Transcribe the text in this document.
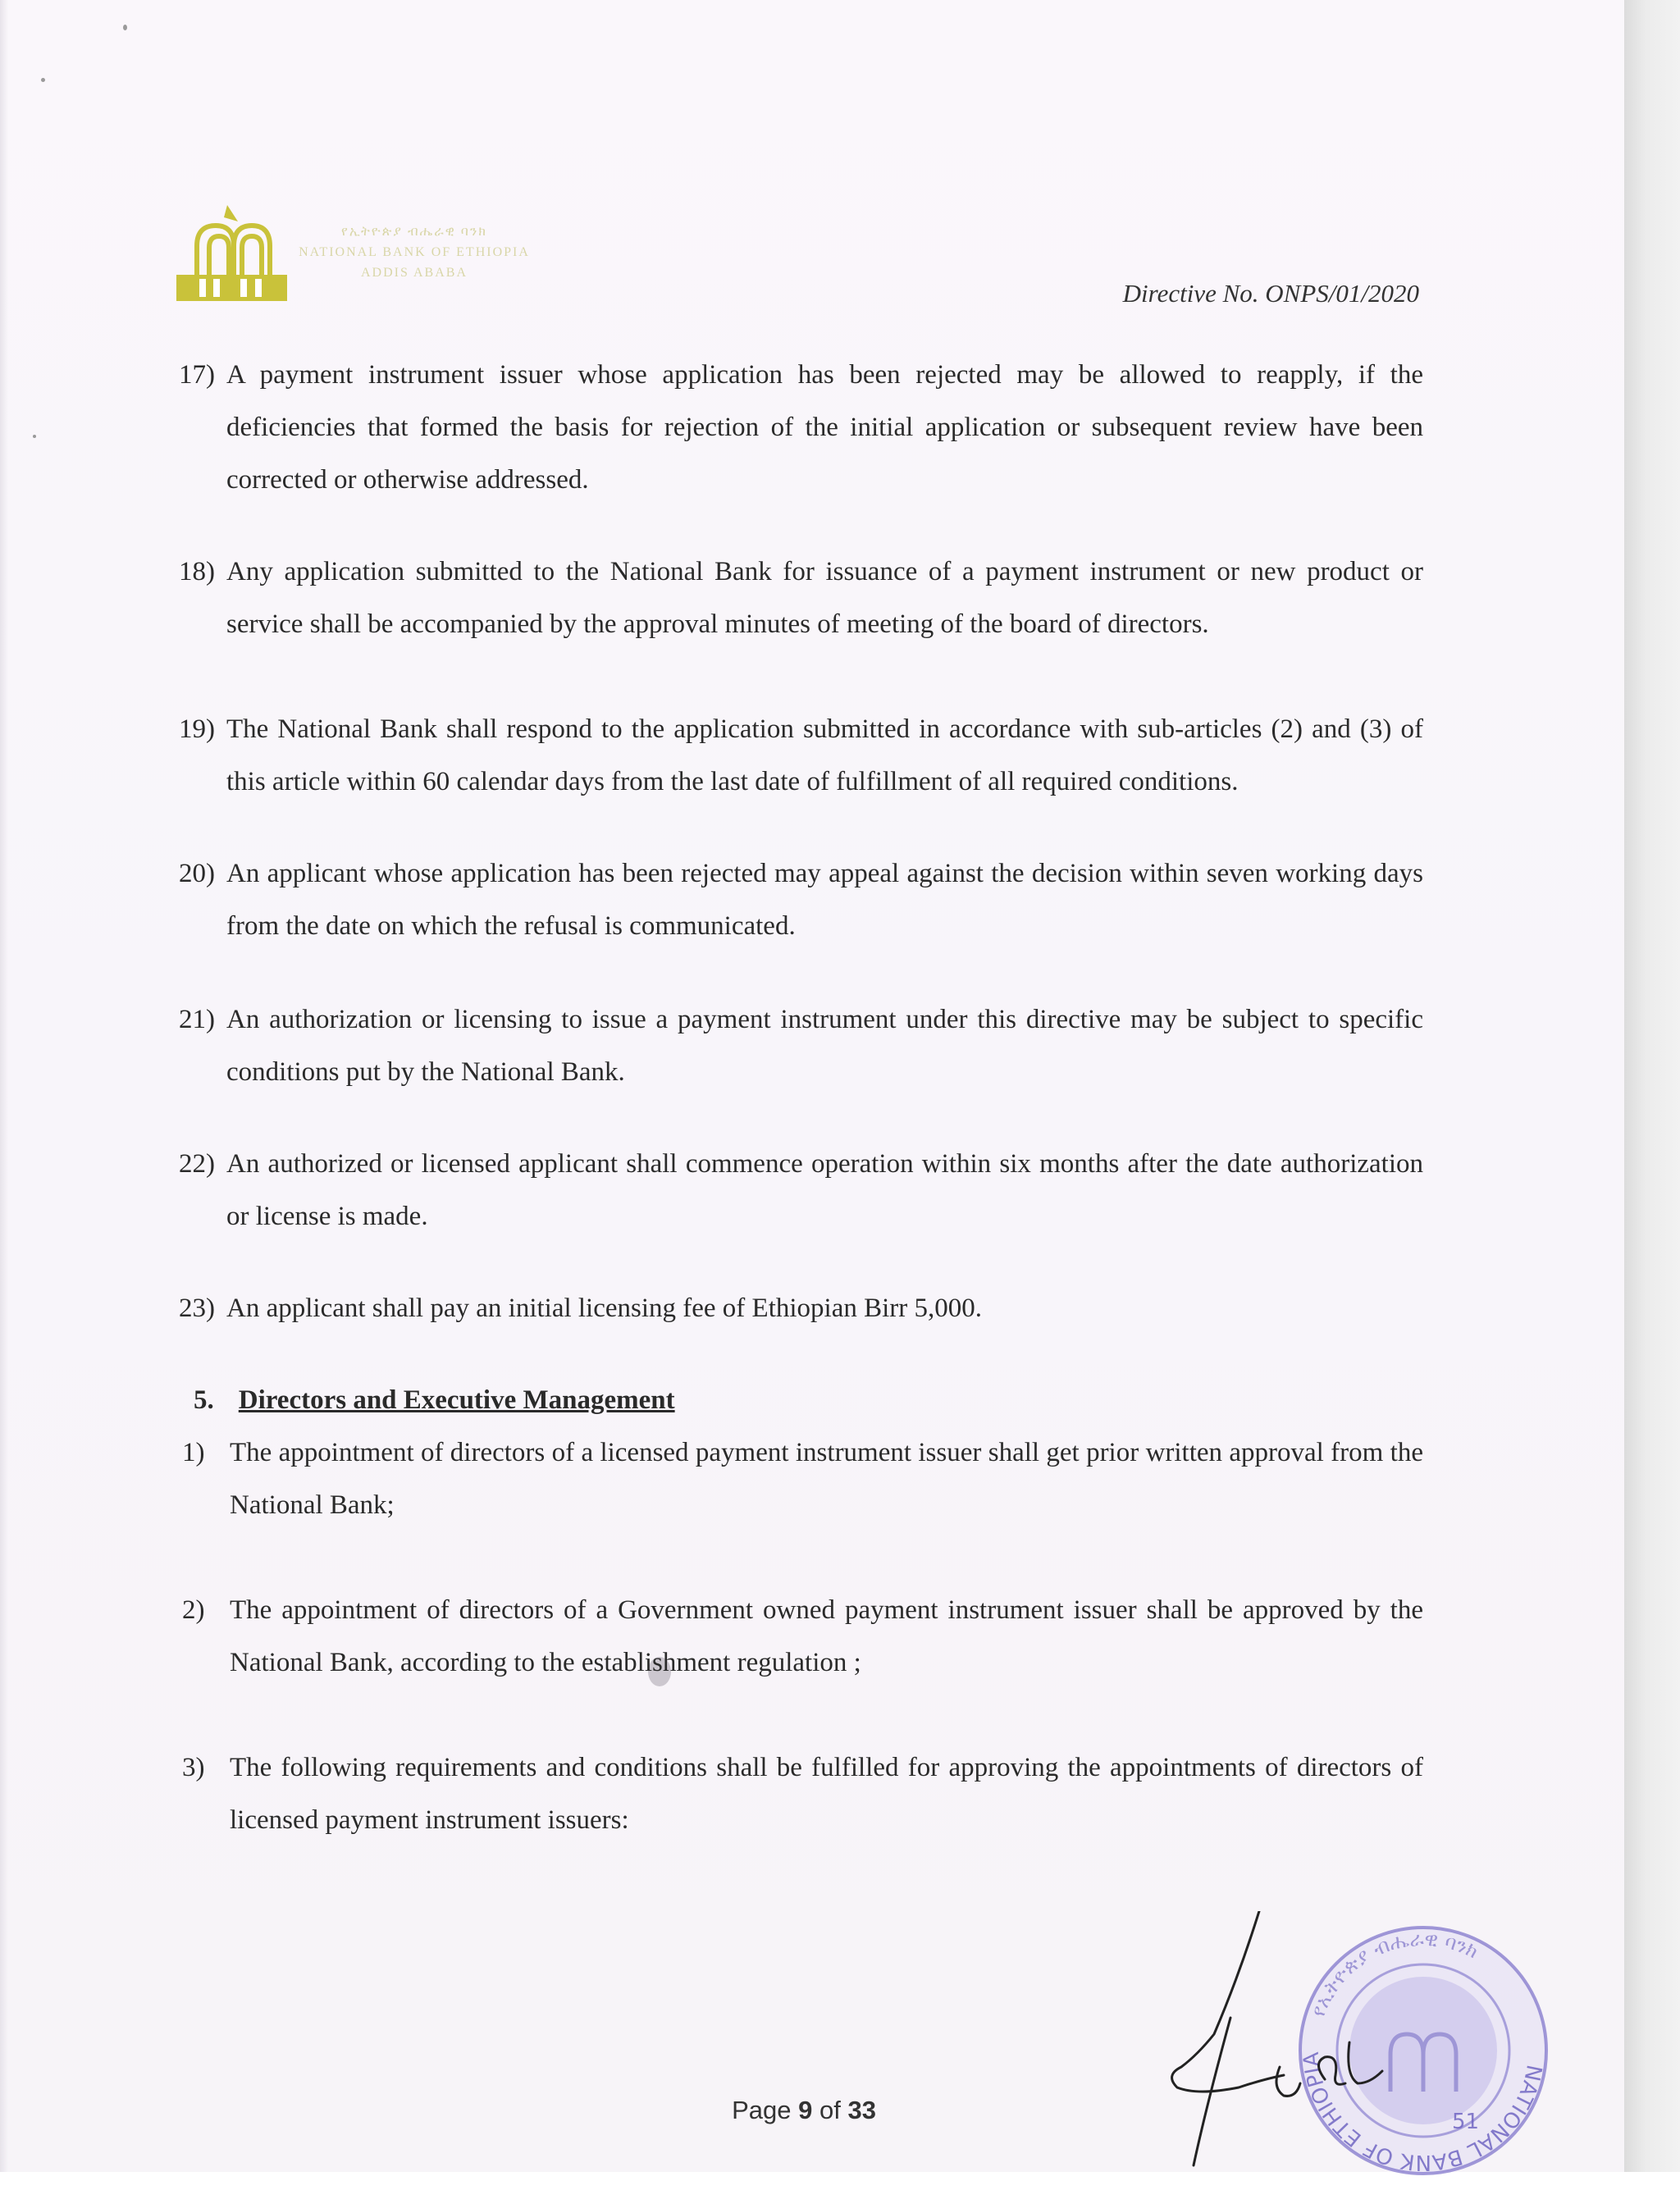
የኢትዮጵያ ብሔራዊ ባንክ
NATIONAL BANK OF ETHIOPIA
ADDIS ABABA
Directive No. ONPS/01/2020
17) A payment instrument issuer whose application has been rejected may be allowed to reapply, if the deficiencies that formed the basis for rejection of the initial application or subsequent review have been corrected or otherwise addressed.
18) Any application submitted to the National Bank for issuance of a payment instrument or new product or service shall be accompanied by the approval minutes of meeting of the board of directors.
19) The National Bank shall respond to the application submitted in accordance with sub-articles (2) and (3) of this article within 60 calendar days from the last date of fulfillment of all required conditions.
20) An applicant whose application has been rejected may appeal against the decision within seven working days from the date on which the refusal is communicated.
21) An authorization or licensing to issue a payment instrument under this directive may be subject to specific conditions put by the National Bank.
22) An authorized or licensed applicant shall commence operation within six months after the date authorization or license is made.
23) An applicant shall pay an initial licensing fee of Ethiopian Birr 5,000.
5. Directors and Executive Management
1) The appointment of directors of a licensed payment instrument issuer shall get prior written approval from the National Bank;
2) The appointment of directors of a Government owned payment instrument issuer shall be approved by the National Bank, according to the establishment regulation ;
3) The following requirements and conditions shall be fulfilled for approving the appointments of directors of licensed payment instrument issuers:
NATIONAL BANK OF ETHIOPIA
የኢትዮጵያ ብሔራዊ ባንክ
51
Page 9 of 33
